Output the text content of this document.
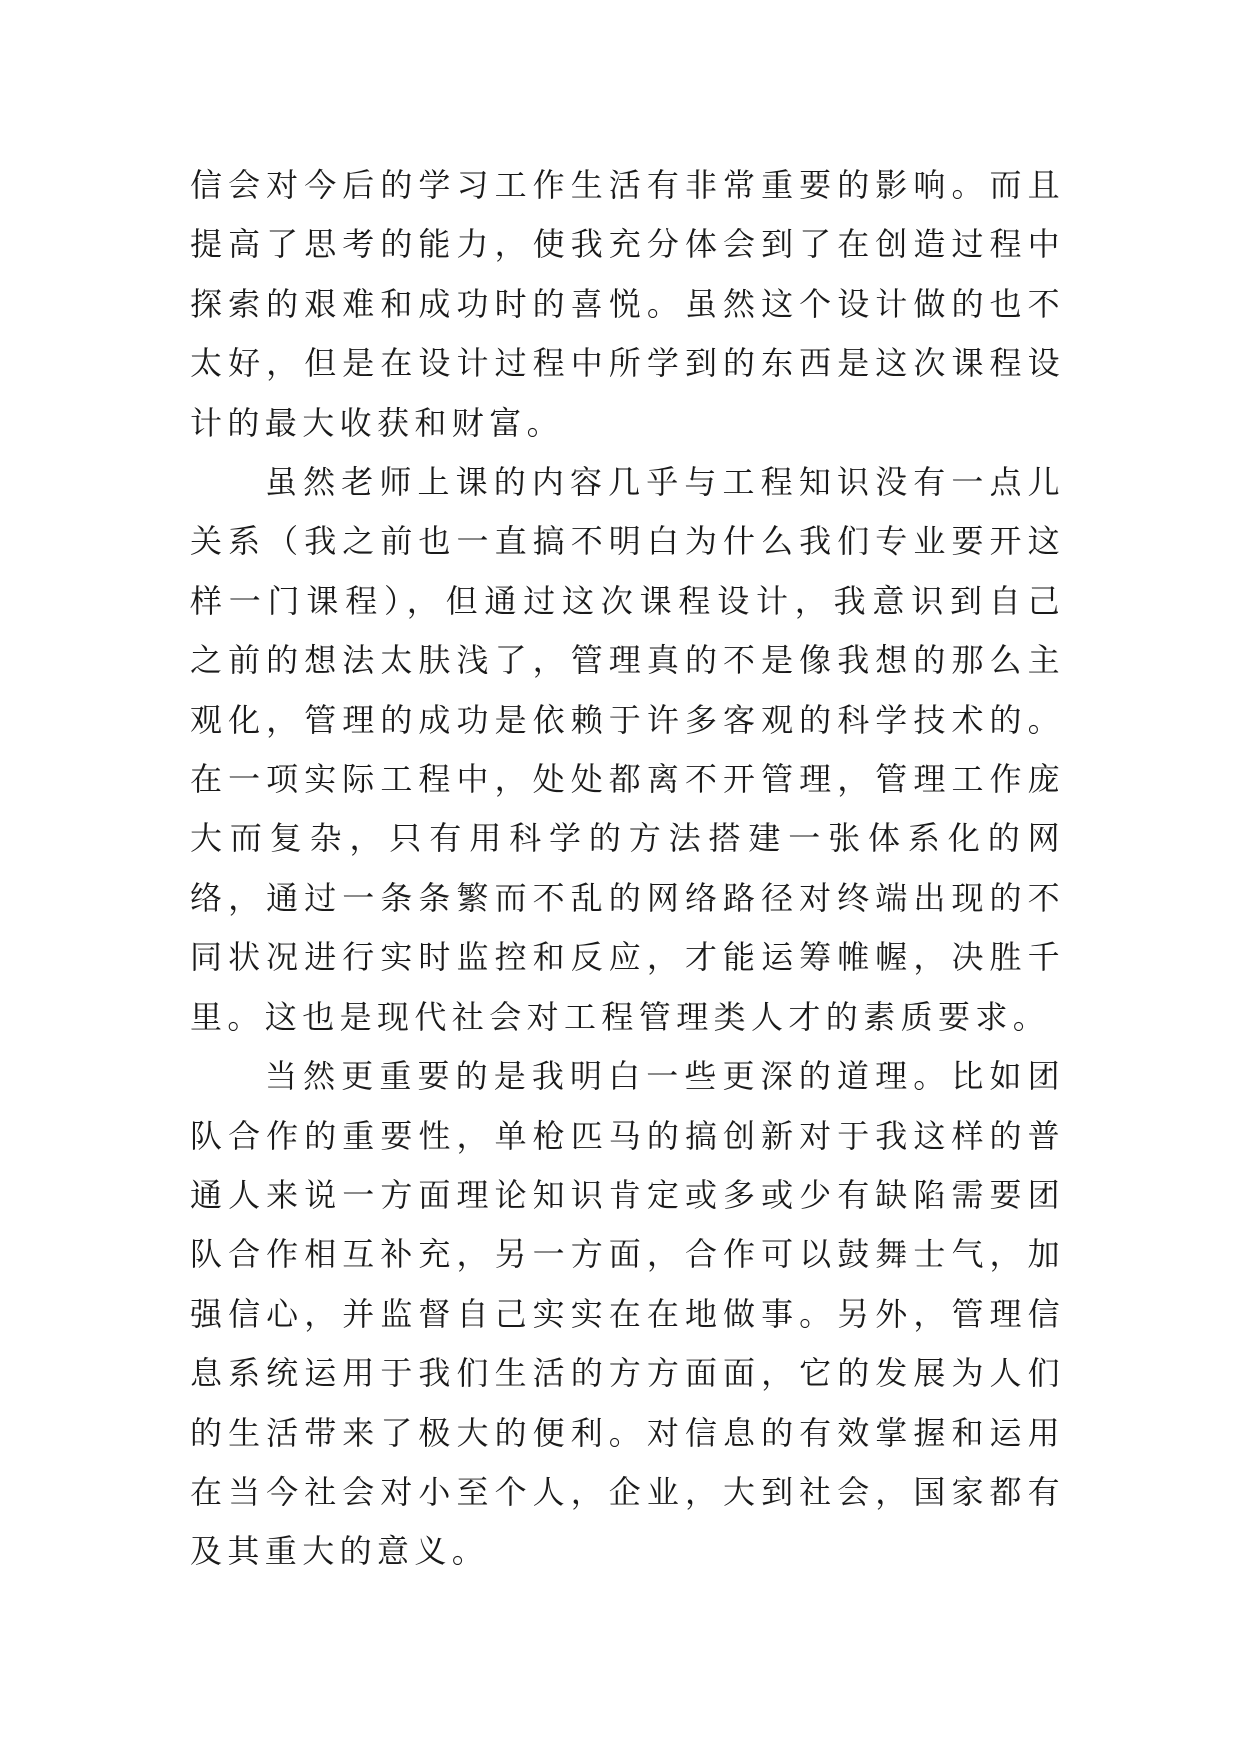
信会对今后的学习工作生活有非常重要的影响。而且提高了思考的能力，使我充分体会到了在创造过程中探索的艰难和成功时的喜悦。虽然这个设计做的也不太好，但是在设计过程中所学到的东西是这次课程设计的最大收获和财富。

虽然老师上课的内容几乎与工程知识没有一点儿关系（我之前也一直搞不明白为什么我们专业要开这样一门课程），但通过这次课程设计，我意识到自己之前的想法太肤浅了，管理真的不是像我想的那么主观化，管理的成功是依赖于许多客观的科学技术的。在一项实际工程中，处处都离不开管理，管理工作庞大而复杂，只有用科学的方法搭建一张体系化的网络，通过一条条繁而不乱的网络路径对终端出现的不同状况进行实时监控和反应，才能运筹帷幄，决胜千里。这也是现代社会对工程管理类人才的素质要求。

当然更重要的是我明白一些更深的道理。比如团队合作的重要性，单枪匹马的搞创新对于我这样的普通人来说一方面理论知识肯定或多或少有缺陷需要团队合作相互补充，另一方面，合作可以鼓舞士气，加强信心，并监督自己实实在在地做事。另外，管理信息系统运用于我们生活的方方面面，它的发展为人们的生活带来了极大的便利。对信息的有效掌握和运用在当今社会对小至个人，企业，大到社会，国家都有及其重大的意义。
